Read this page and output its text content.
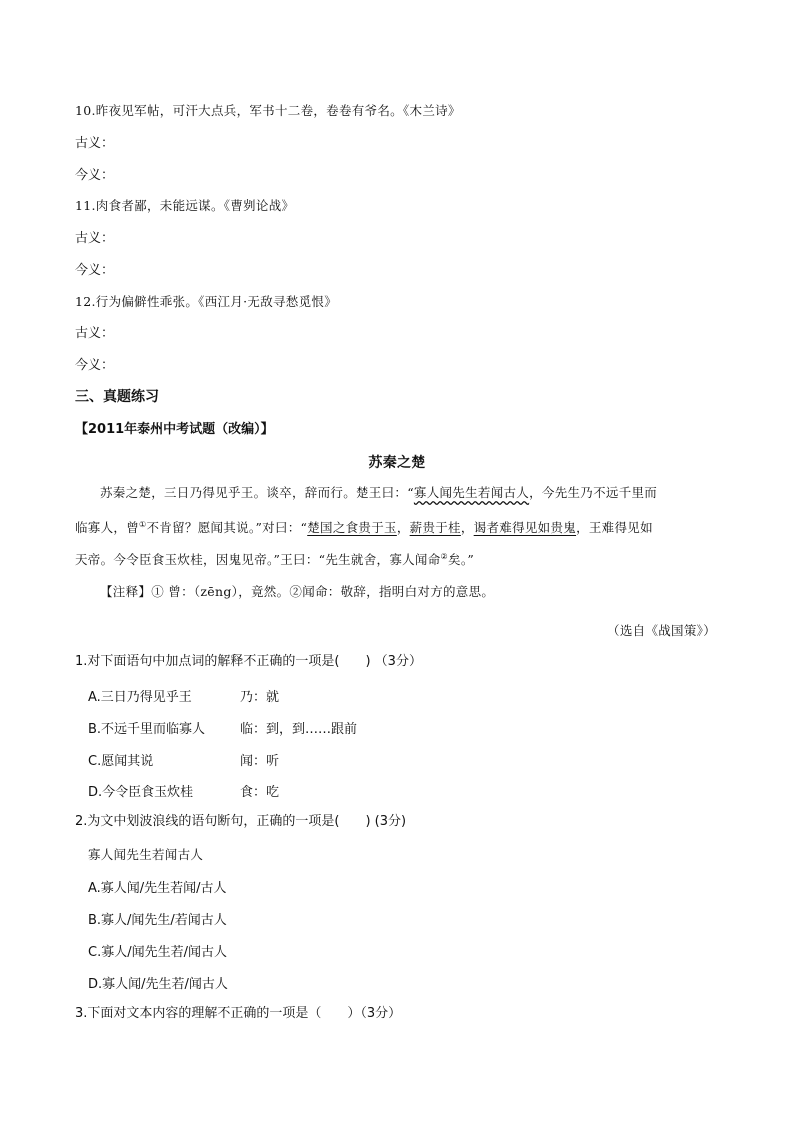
10.昨夜见军帖，可汗大点兵，军书十二卷，卷卷有爷名。《木兰诗》
古义：
今义：
11.肉食者鄙，未能远谋。《曹刿论战》
古义：
今义：
12.行为偏僻性乖张。《西江月·无敌寻愁觅恨》
古义：
今义：
三、真题练习
【2011年泰州中考试题（改编）】
苏秦之楚
苏秦之楚，三日乃得见乎王。谈卒，辞而行。楚王曰：“寡人闻先生若闻古人，今先生乃不远千里而
临寡人，曾①不肯留？愿闻其说。”对曰：“楚国之食贵于玉，薪贵于桂，谒者难得见如贵鬼，王难得见如
天帝。今令臣食玉炊桂，因鬼见帝。”王曰：“先生就舍，寡人闻命②矣。”
【注释】① 曾：（zēng），竟然。②闻命：敬辞，指明白对方的意思。
（选自《战国策》）
1.对下面语句中加点词的解释不正确的一项是(　　) （3分）
A.三日乃得见乎王	乃：就
B.不远千里而临寡人	临：到，到……跟前
C.愿闻其说	闻：听
D.今令臣食玉炊桂	食：吃
2.为文中划波浪线的语句断句，正确的一项是(　　) (3分)
寡人闻先生若闻古人
A.寡人闻/先生若闻/古人
B.寡人/闻先生/若闻古人
C.寡人/闻先生若/闻古人
D.寡人闻/先生若/闻古人
3.下面对文本内容的理解不正确的一项是（　　）（3分）
